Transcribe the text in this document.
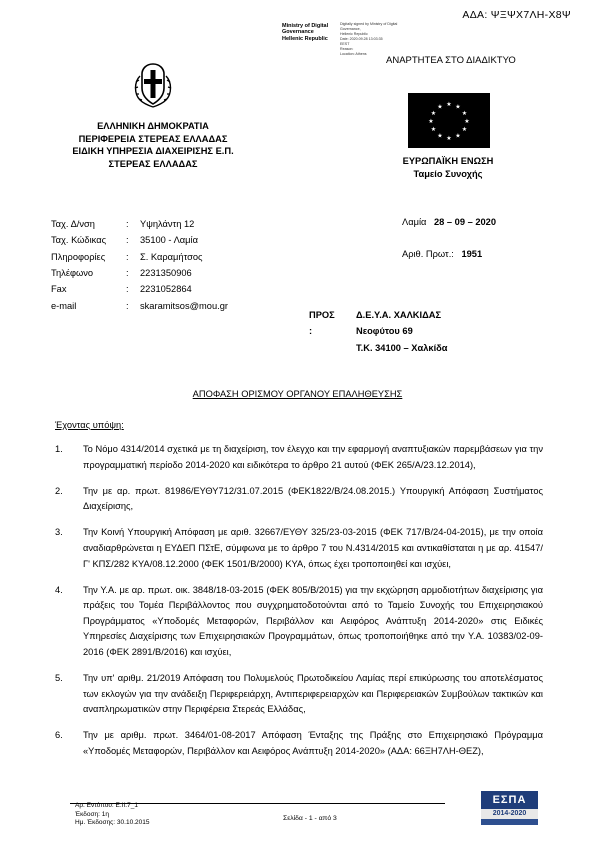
ΑΔΑ: ΨΞΨΧ7ΛΗ-Χ8Ψ
Ministry of Digital
Governance
Hellenic Republic
Digitally signed by Ministry of Digital
Governance,
Hellenic Republic
Date: 2020.09.28 13:03:35
EEST
Reason:
Location: Athens
ΑΝΑΡΤΗΤΕΑ ΣΤΟ ΔΙΑΔΙΚΤΥΟ
ΕΛΛΗΝΙΚΗ ΔΗΜΟΚΡΑΤΙΑ
ΠΕΡΙΦΕΡΕΙΑ ΣΤΕΡΕΑΣ ΕΛΛΑΔΑΣ
ΕΙΔΙΚΗ ΥΠΗΡΕΣΙΑ ΔΙΑΧΕΙΡΙΣΗΣ Ε.Π.
ΣΤΕΡΕΑΣ ΕΛΛΑΔΑΣ
★ ★
★
★
★
★
★
★
★
★
★
★
ΕΥΡΩΠΑΪΚΗ ΕΝΩΣΗ
Ταμείο Συνοχής
Ταχ. Δ/νση	:	Υψηλάντη 12
Ταχ. Κώδικας	:	35100 - Λαμία
Πληροφορίες	:	Σ. Καραμήτσος
Τηλέφωνο	:	2231350906
Fax	:	2231052864
e-mail	:	skaramitsos@mou.gr
Λαμία 28 – 09 – 2020
Αριθ. Πρωτ.: 1951
ΠΡΟΣ :
Δ.Ε.Υ.Α. ΧΑΛΚΙΔΑΣ
Νεοφύτου 69
Τ.Κ. 34100 – Χαλκίδα
ΑΠΟΦΑΣΗ ΟΡΙΣΜΟΥ ΟΡΓΑΝΟΥ ΕΠΑΛΗΘΕΥΣΗΣ
Έχοντας υπόψη:
1.	Το Νόμο 4314/2014 σχετικά με τη διαχείριση, τον έλεγχο και την εφαρμογή αναπτυξιακών παρεμβάσεων για την προγραμματική περίοδο 2014-2020 και ειδικότερα το άρθρο 21 αυτού (ΦΕΚ 265/Α/23.12.2014),
2.	Την με αρ. πρωτ. 81986/ΕΥΘΥ712/31.07.2015 (ΦΕΚ1822/Β/24.08.2015.) Υπουργική Απόφαση Συστήματος Διαχείρισης,
3.	Την Κοινή Υπουργική Απόφαση με αριθ. 32667/ΕΥΘΥ 325/23-03-2015 (ΦΕΚ 717/Β/24-04-2015), με την οποία αναδιαρθρώνεται η ΕΥΔΕΠ ΠΣτΕ, σύμφωνα με το άρθρο 7 του Ν.4314/2015 και αντικαθίσταται η με αρ. 41547/Γ' ΚΠΣ/282 ΚΥΑ/08.12.2000 (ΦΕΚ 1501/Β/2000) ΚΥΑ, όπως έχει τροποποιηθεί και ισχύει,
4.	Την Υ.Α. με αρ. πρωτ. οικ. 3848/18-03-2015 (ΦΕΚ 805/Β/2015) για την εκχώρηση αρμοδιοτήτων διαχείρισης για πράξεις του Τομέα Περιβάλλοντος που συγχρηματοδοτούνται από το Ταμείο Συνοχής του Επιχειρησιακού Προγράμματος «Υποδομές Μεταφορών, Περιβάλλον και Αειφόρος Ανάπτυξη 2014-2020» στις Ειδικές Υπηρεσίες Διαχείρισης των Επιχειρησιακών Προγραμμάτων, όπως τροποποιήθηκε από την Υ.Α. 10383/02-09-2016 (ΦΕΚ 2891/Β/2016) και ισχύει,
5.	Την υπ' αριθμ. 21/2019 Απόφαση του Πολυμελούς Πρωτοδικείου Λαμίας περί επικύρωσης του αποτελέσματος των εκλογών για την ανάδειξη Περιφερειάρχη, Αντιπεριφερειαρχών και Περιφερειακών Συμβούλων τακτικών και αναπληρωματικών στην Περιφέρεια Στερεάς Ελλάδας,
6.	Την με αριθμ. πρωτ. 3464/01-08-2017 Απόφαση Ένταξης της Πράξης στο Επιχειρησιακό Πρόγραμμα «Υποδομές Μεταφορών, Περιβάλλον και Αειφόρος Ανάπτυξη 2014-2020» (ΑΔΑ: 66ΞΗ7ΛΗ-ΘΕΖ),
Αρ. Εντύπου: Ε.II.7_1
Έκδοση: 1η
Ημ. Έκδοσης: 30.10.2015
Σελίδα - 1 - από 3
ΕΣΠΑ
2014-2020
